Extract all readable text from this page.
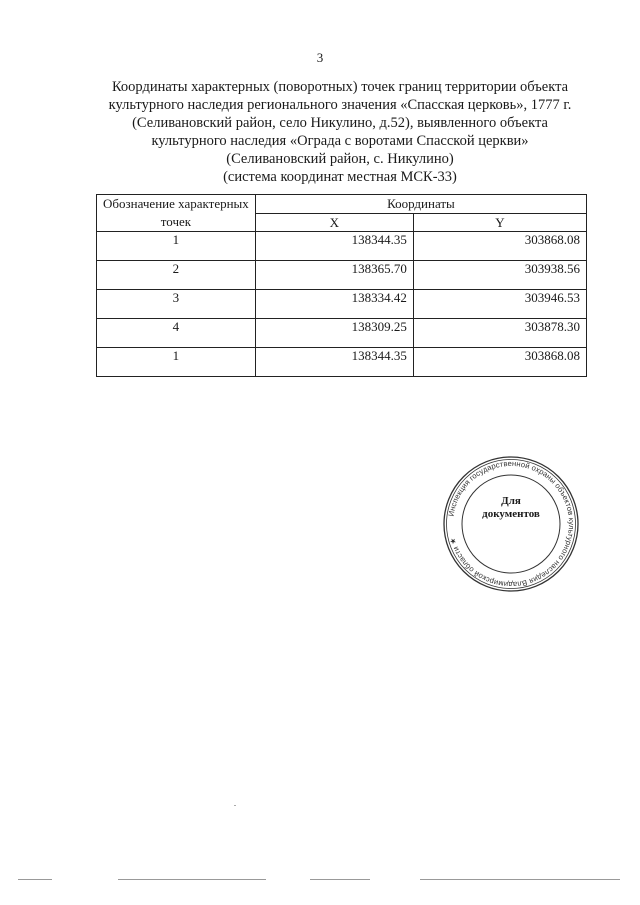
3
Координаты характерных (поворотных) точек границ территории объекта
культурного наследия регионального значения «Спасская церковь», 1777 г.
(Селивановский район, село Никулино, д.52), выявленного объекта
культурного наследия «Ограда с воротами Спасской церкви»
(Селивановский район, с. Никулино)
(система координат местная МСК-33)
Обозначение характерных точек	Координаты	
	X	Y
1	138344.35	303868.08
2	138365.70	303938.56
3	138334.42	303946.53
4	138309.25	303878.30
1	138344.35	303868.08
Инспекция государственной охраны объектов культурного наследия Владимирской области ★
Для
документов
